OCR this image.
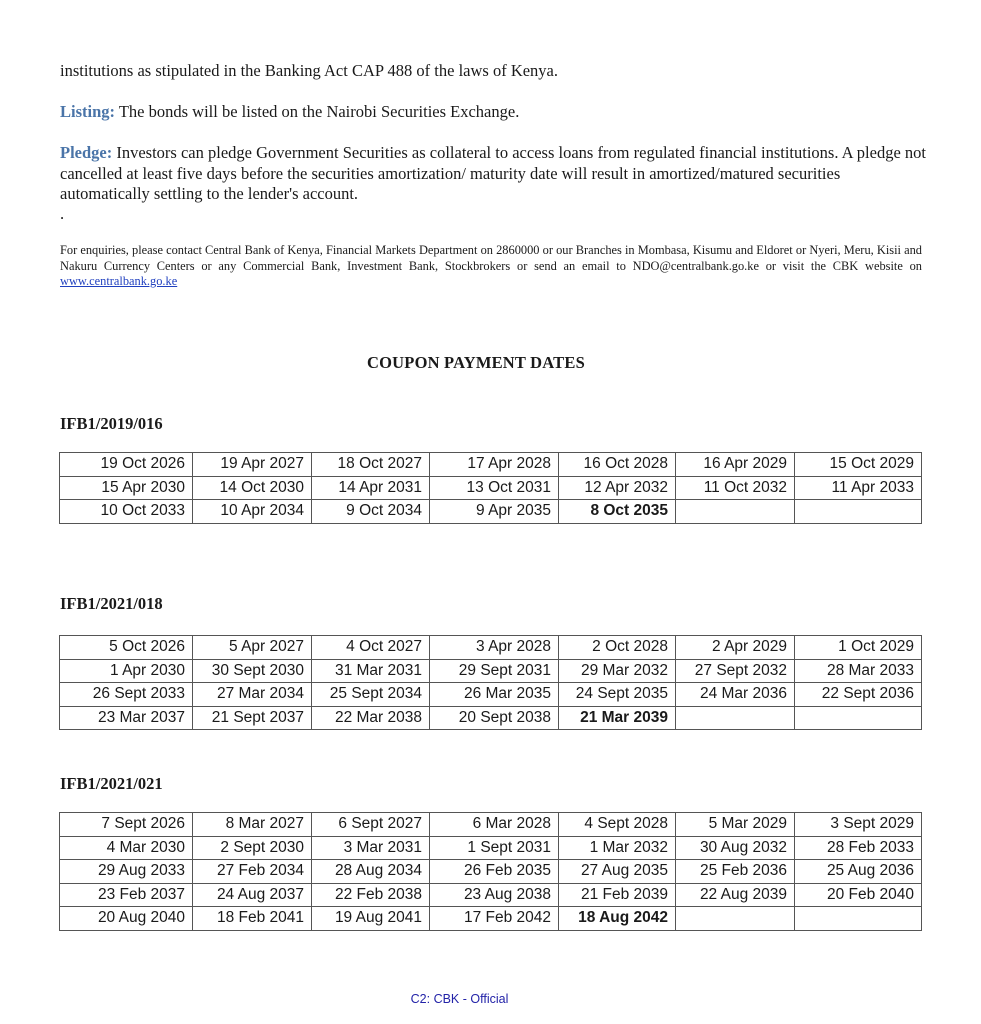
institutions as stipulated in the Banking Act CAP 488 of the laws of Kenya.
Listing: The bonds will be listed on the Nairobi Securities Exchange.
Pledge: Investors can pledge Government Securities as collateral to access loans from regulated financial institutions. A pledge not cancelled at least five days before the securities amortization/ maturity date will result in amortized/matured securities automatically settling to the lender's account.
.
For enquiries, please contact Central Bank of Kenya, Financial Markets Department on 2860000 or our Branches in Mombasa, Kisumu and Eldoret or Nyeri, Meru, Kisii and Nakuru Currency Centers or any Commercial Bank, Investment Bank, Stockbrokers or send an email to NDO@centralbank.go.ke or visit the CBK website on www.centralbank.go.ke
COUPON PAYMENT DATES
IFB1/2019/016
19 Oct 2026	19 Apr 2027	18 Oct 2027	17 Apr 2028	16 Oct 2028	16 Apr 2029	15 Oct 2029
15 Apr 2030	14 Oct 2030	14 Apr 2031	13 Oct 2031	12 Apr 2032	11 Oct 2032	11 Apr 2033
10 Oct 2033	10 Apr 2034	9 Oct 2034	9 Apr 2035	8 Oct 2035		
IFB1/2021/018
5 Oct 2026	5 Apr 2027	4 Oct 2027	3 Apr 2028	2 Oct 2028	2 Apr 2029	1 Oct 2029
1 Apr 2030	30 Sept 2030	31 Mar 2031	29 Sept 2031	29 Mar 2032	27 Sept 2032	28 Mar 2033
26 Sept 2033	27 Mar 2034	25 Sept 2034	26 Mar 2035	24 Sept 2035	24 Mar 2036	22 Sept 2036
23 Mar 2037	21 Sept 2037	22 Mar 2038	20 Sept 2038	21 Mar 2039		
IFB1/2021/021
7 Sept 2026	8 Mar 2027	6 Sept 2027	6 Mar 2028	4 Sept 2028	5 Mar 2029	3 Sept 2029
4 Mar 2030	2 Sept 2030	3 Mar 2031	1 Sept 2031	1 Mar 2032	30 Aug 2032	28 Feb 2033
29 Aug 2033	27 Feb 2034	28 Aug 2034	26 Feb 2035	27 Aug 2035	25 Feb 2036	25 Aug 2036
23 Feb 2037	24 Aug 2037	22 Feb 2038	23 Aug 2038	21 Feb 2039	22 Aug 2039	20 Feb 2040
20 Aug 2040	18 Feb 2041	19 Aug 2041	17 Feb 2042	18 Aug 2042		
C2: CBK - Official
